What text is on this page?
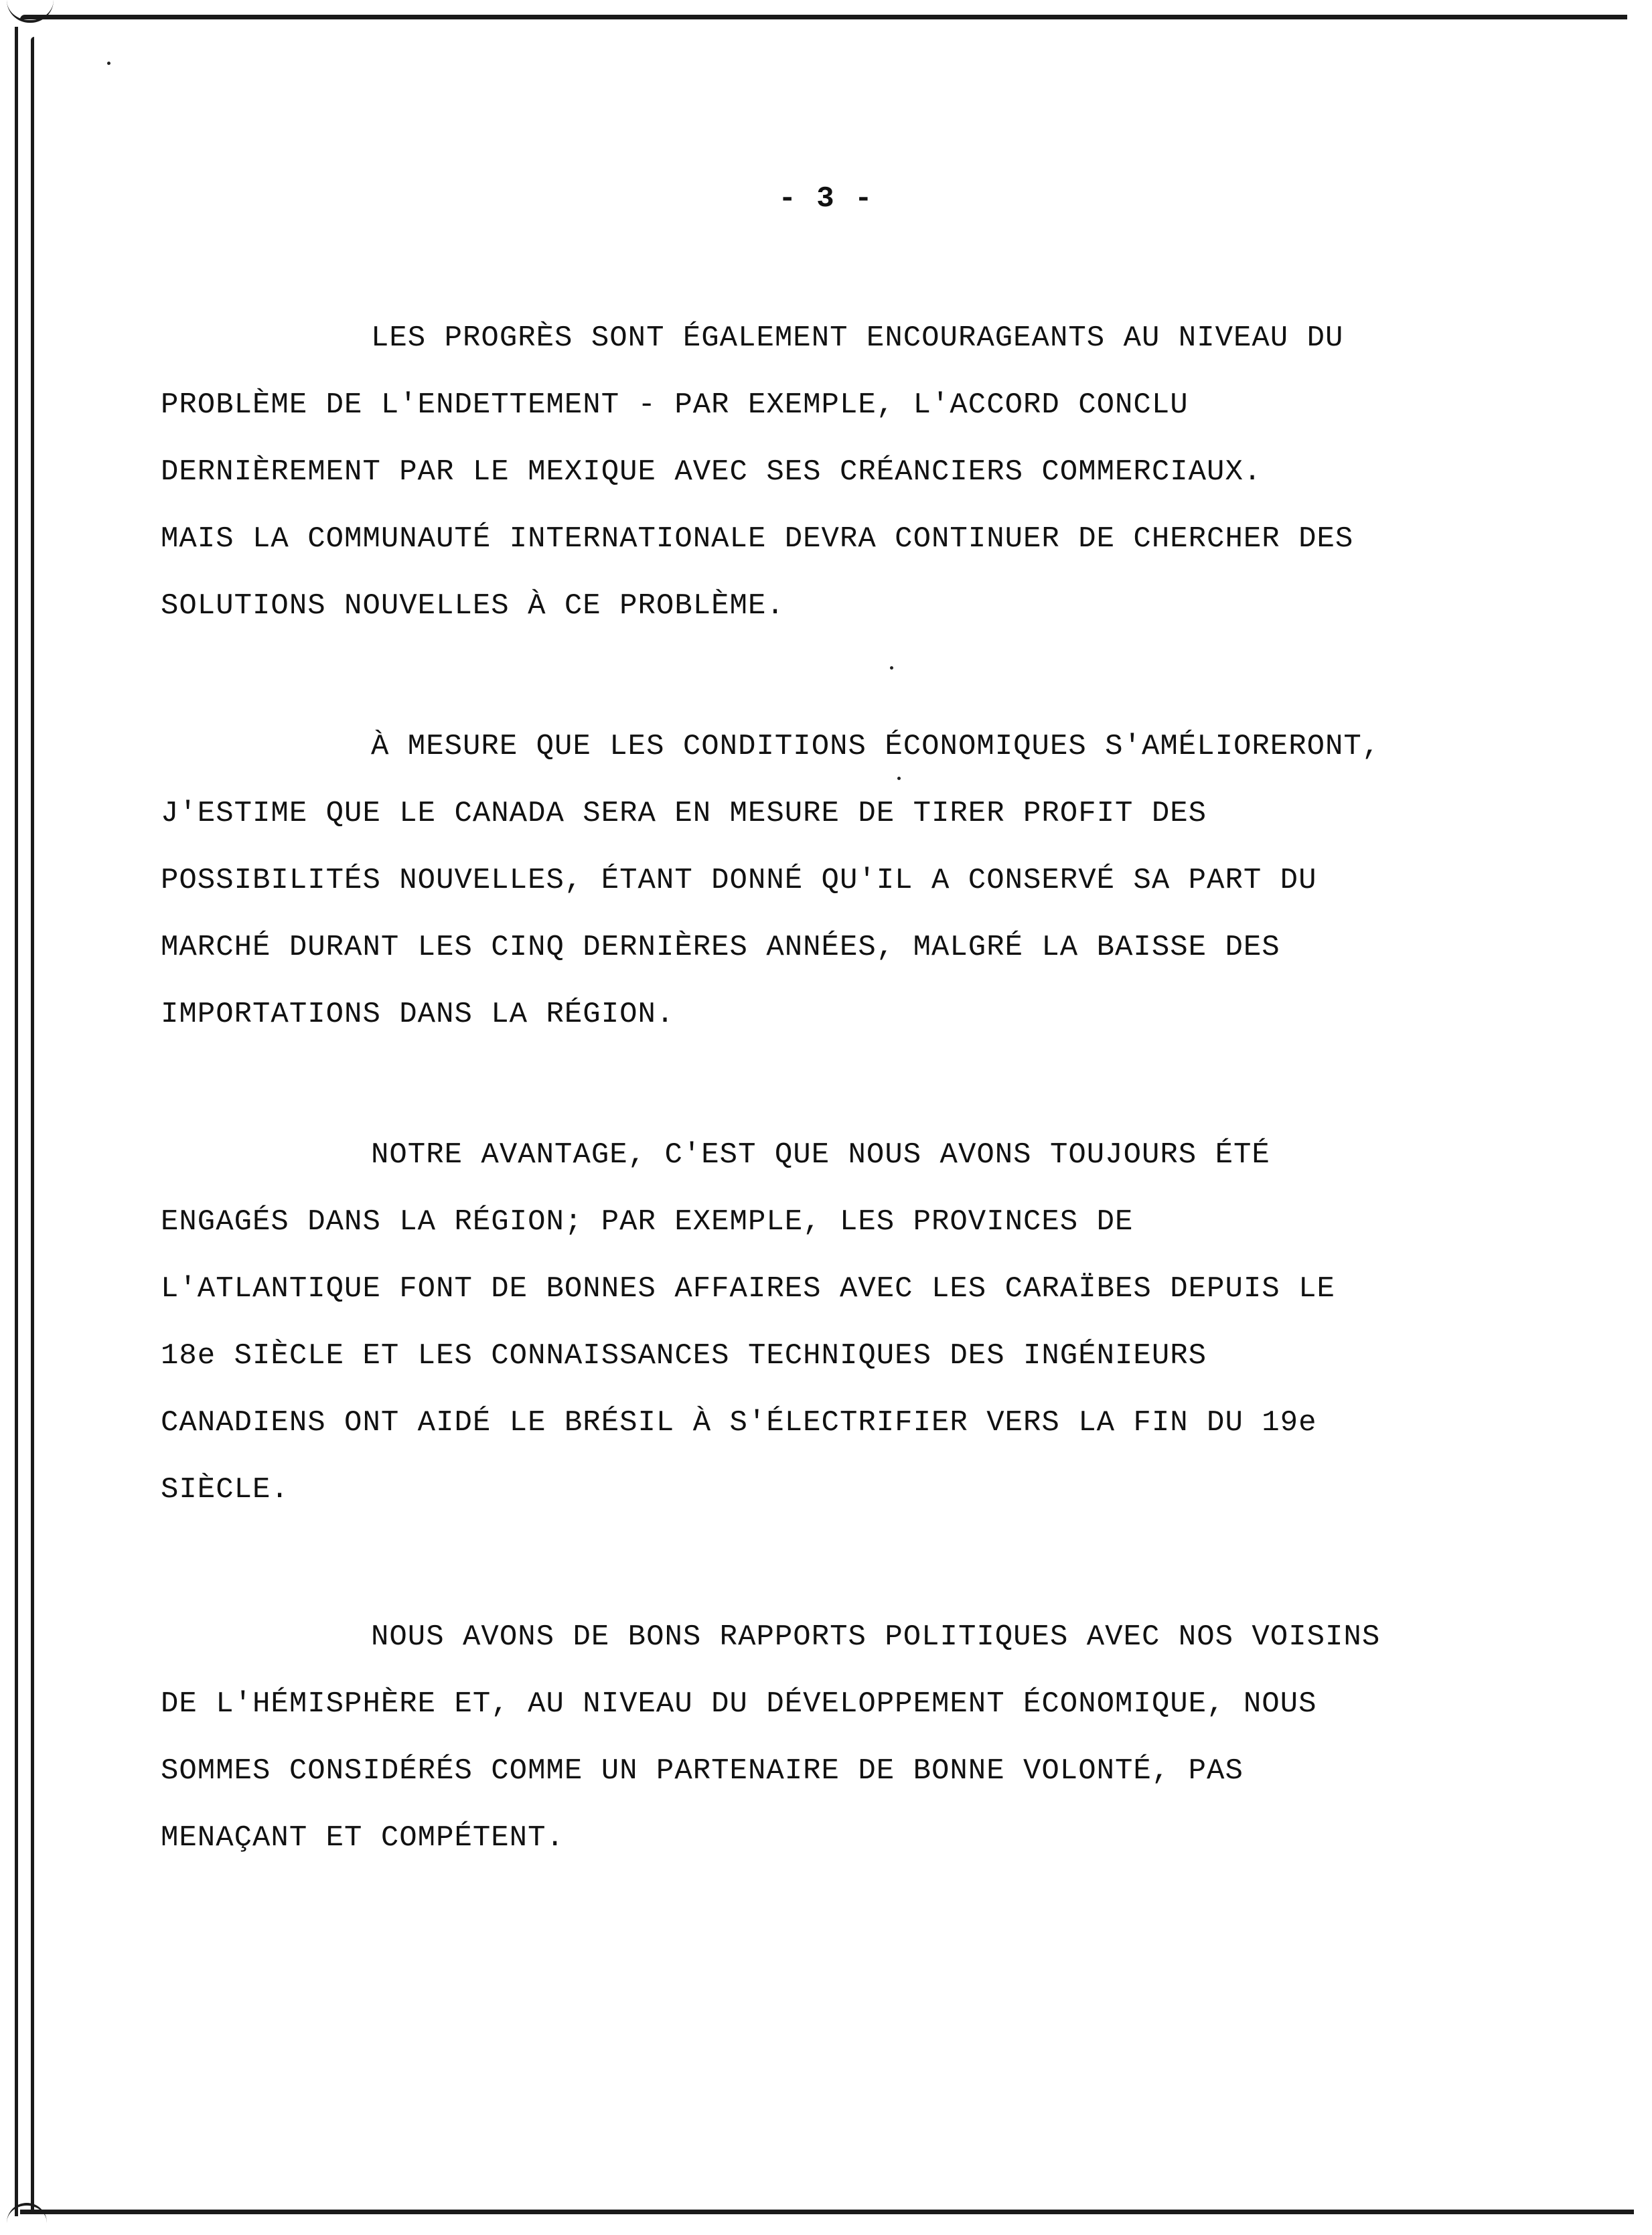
- 3 -
LES PROGRÈS SONT ÉGALEMENT ENCOURAGEANTS AU NIVEAU DU
PROBLÈME DE L'ENDETTEMENT - PAR EXEMPLE, L'ACCORD CONCLU
DERNIÈREMENT PAR LE MEXIQUE AVEC SES CRÉANCIERS COMMERCIAUX.
MAIS LA COMMUNAUTÉ INTERNATIONALE DEVRA CONTINUER DE CHERCHER DES
SOLUTIONS NOUVELLES À CE PROBLÈME.
À MESURE QUE LES CONDITIONS ÉCONOMIQUES S'AMÉLIORERONT,
J'ESTIME QUE LE CANADA SERA EN MESURE DE TIRER PROFIT DES
POSSIBILITÉS NOUVELLES, ÉTANT DONNÉ QU'IL A CONSERVÉ SA PART DU
MARCHÉ DURANT LES CINQ DERNIÈRES ANNÉES, MALGRÉ LA BAISSE DES
IMPORTATIONS DANS LA RÉGION.
NOTRE AVANTAGE, C'EST QUE NOUS AVONS TOUJOURS ÉTÉ
ENGAGÉS DANS LA RÉGION; PAR EXEMPLE, LES PROVINCES DE
L'ATLANTIQUE FONT DE BONNES AFFAIRES AVEC LES CARAÏBES DEPUIS LE
18e SIÈCLE ET LES CONNAISSANCES TECHNIQUES DES INGÉNIEURS
CANADIENS ONT AIDÉ LE BRÉSIL À S'ÉLECTRIFIER VERS LA FIN DU 19e
SIÈCLE.
NOUS AVONS DE BONS RAPPORTS POLITIQUES AVEC NOS VOISINS
DE L'HÉMISPHÈRE ET, AU NIVEAU DU DÉVELOPPEMENT ÉCONOMIQUE, NOUS
SOMMES CONSIDÉRÉS COMME UN PARTENAIRE DE BONNE VOLONTÉ, PAS
MENAÇANT ET COMPÉTENT.
